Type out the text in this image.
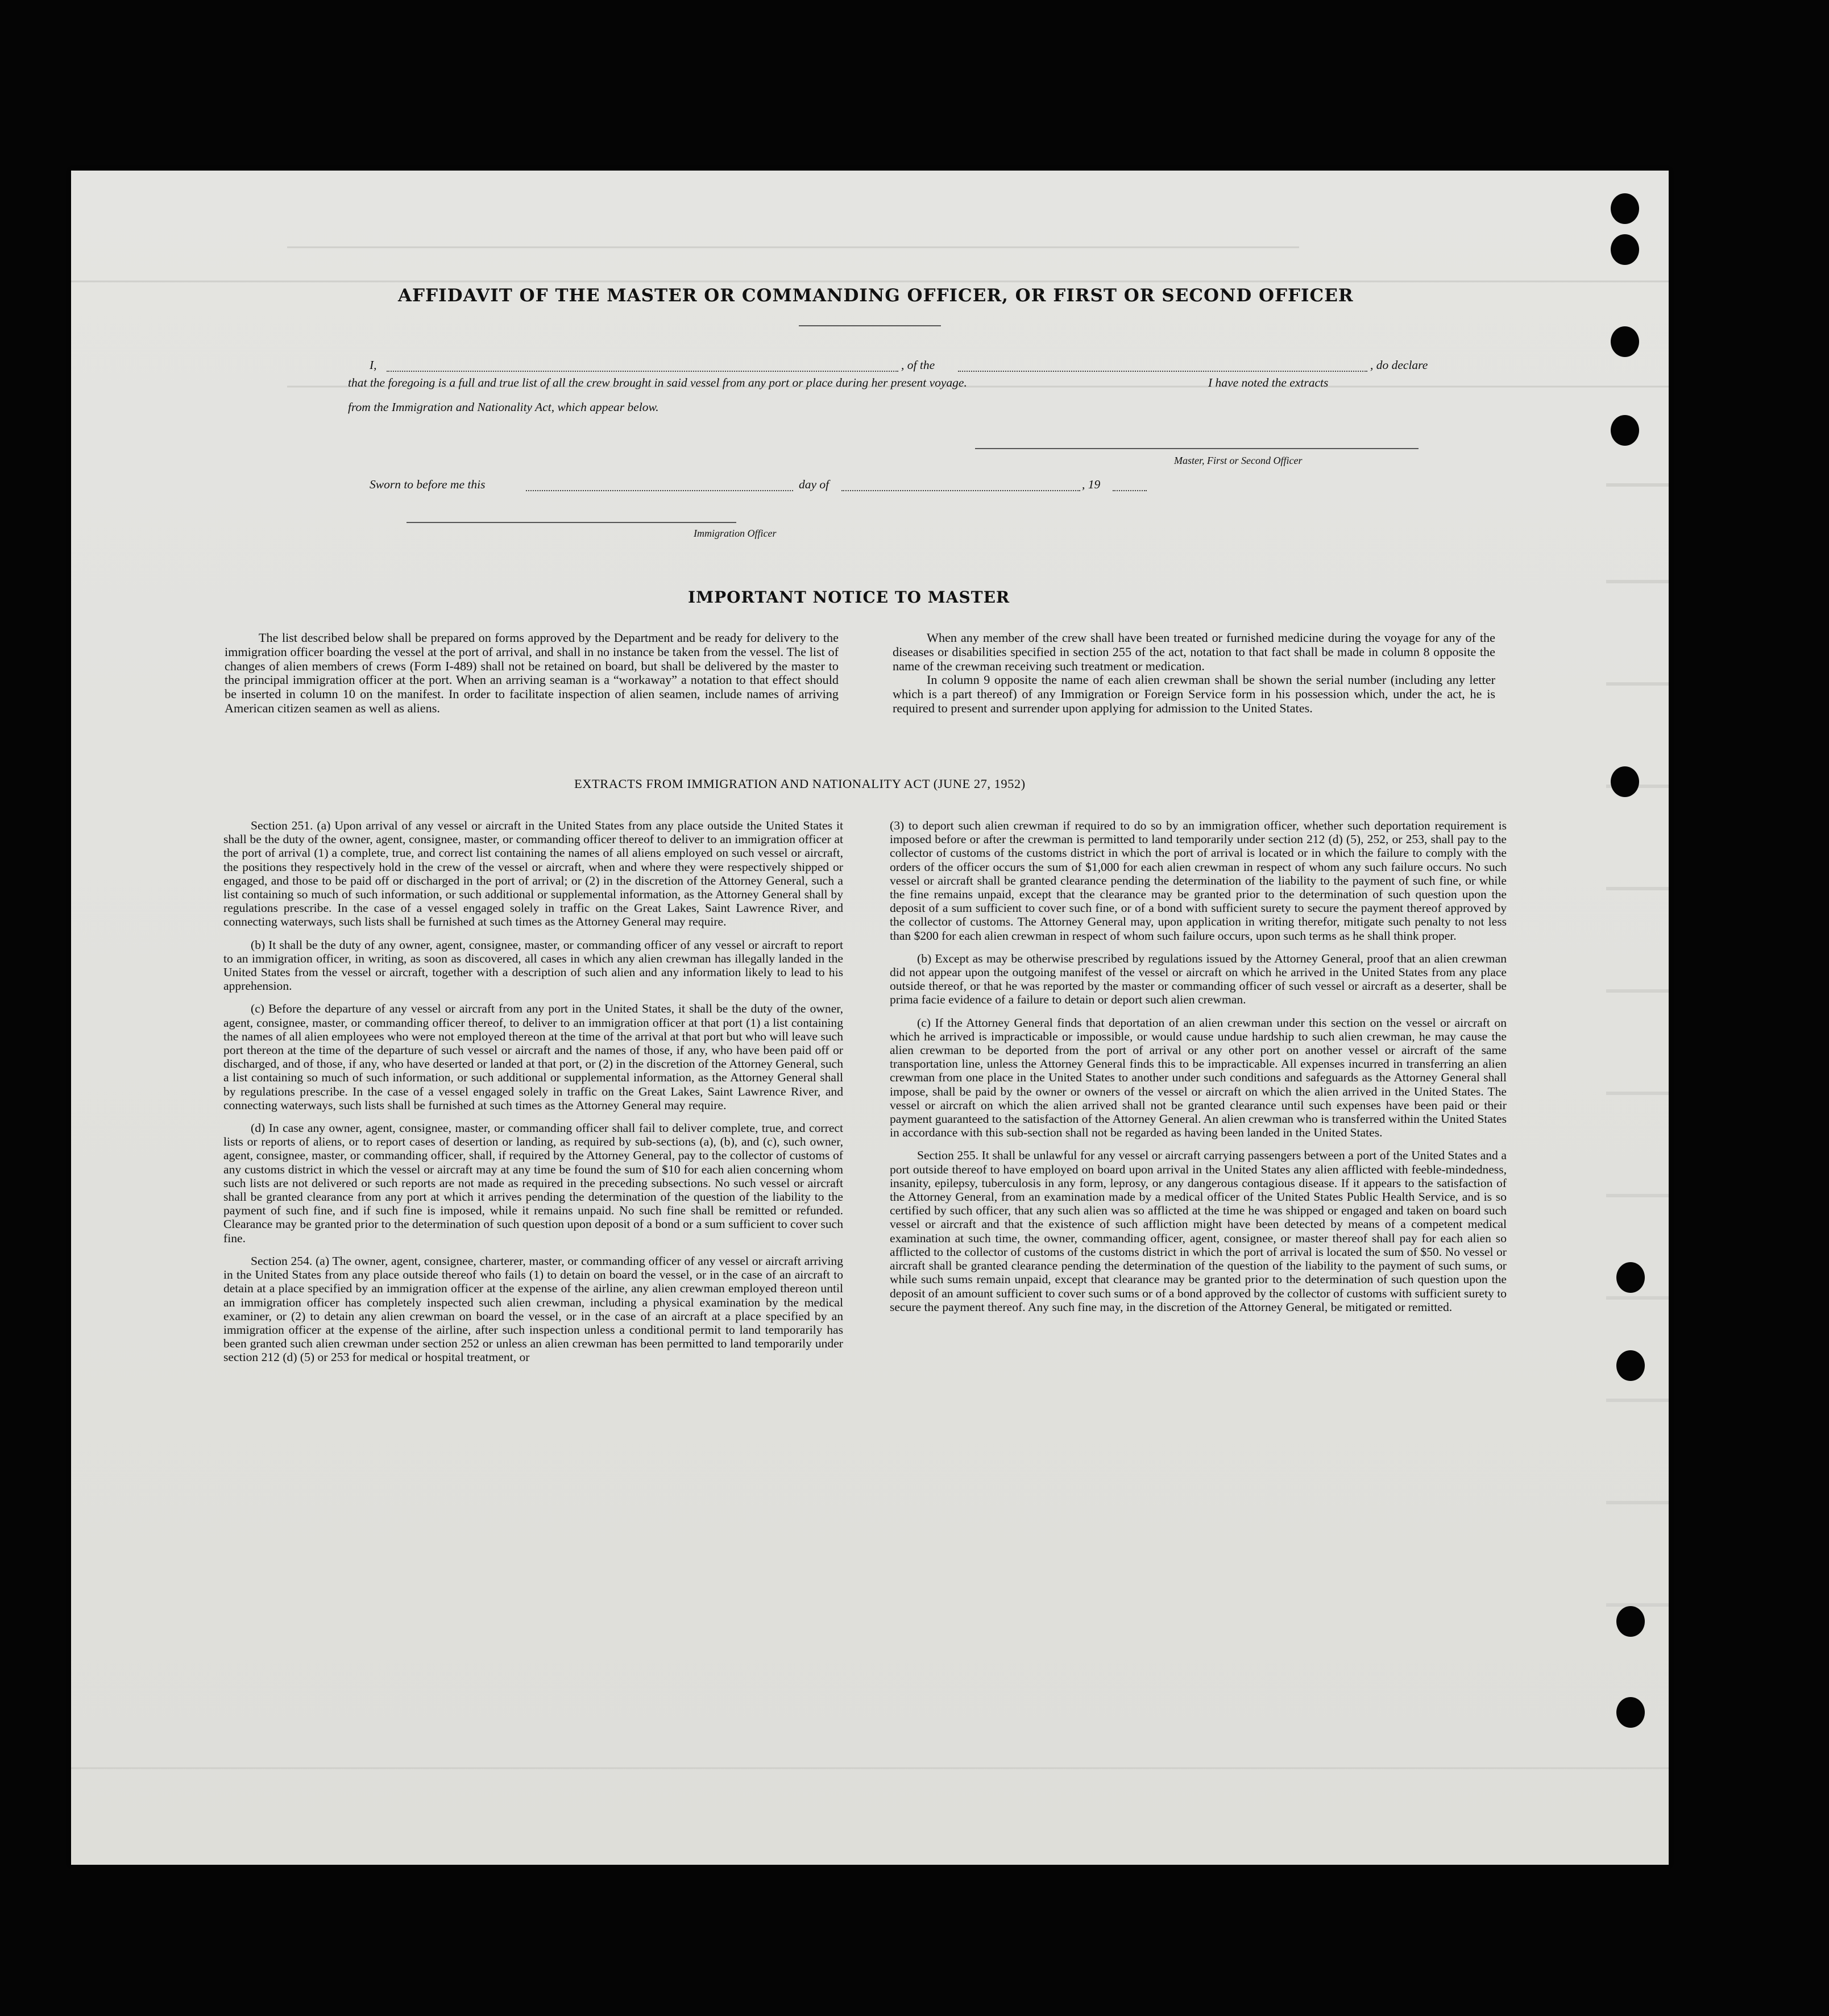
AFFIDAVIT OF THE MASTER OR COMMANDING OFFICER, OR FIRST OR SECOND OFFICER
I,	, of the	, do declare
that the foregoing is a full and true list of all the crew brought in said vessel from any port or place during her present voyage.	I have noted the extracts
from the Immigration and Nationality Act, which appear below.
Master, First or Second Officer
Sworn to before me this	day of	, 19
Immigration Officer
IMPORTANT NOTICE TO MASTER

The list described below shall be prepared on forms approved by the Department and be ready for delivery to the immigration officer boarding the vessel at the port of arrival, and shall in no instance be taken from the vessel. The list of changes of alien members of crews (Form I-489) shall not be retained on board, but shall be delivered by the master to the principal immigration officer at the port. When an arriving seaman is a “workaway” a notation to that effect should be inserted in column 10 on the manifest. In order to facilitate inspection of alien seamen, include names of arriving American citizen seamen as well as aliens.

When any member of the crew shall have been treated or furnished medicine during the voyage for any of the diseases or disabilities specified in section 255 of the act, notation to that fact shall be made in column 8 opposite the name of the crewman receiving such treatment or medication.

In column 9 opposite the name of each alien crewman shall be shown the serial number (including any letter which is a part thereof) of any Immigration or Foreign Service form in his possession which, under the act, he is required to present and surrender upon applying for admission to the United States.

EXTRACTS FROM IMMIGRATION AND NATIONALITY ACT (JUNE 27, 1952)

Section 251. (a) Upon arrival of any vessel or aircraft in the United States from any place outside the United States it shall be the duty of the owner, agent, consignee, master, or commanding officer thereof to deliver to an immigration officer at the port of arrival (1) a complete, true, and correct list containing the names of all aliens employed on such vessel or aircraft, the positions they respectively hold in the crew of the vessel or aircraft, when and where they were respectively shipped or engaged, and those to be paid off or discharged in the port of arrival; or (2) in the discretion of the Attorney General, such a list containing so much of such information, or such additional or supplemental information, as the Attorney General shall by regulations prescribe. In the case of a vessel engaged solely in traffic on the Great Lakes, Saint Lawrence River, and connecting waterways, such lists shall be furnished at such times as the Attorney General may require.

(b) It shall be the duty of any owner, agent, consignee, master, or commanding officer of any vessel or aircraft to report to an immigration officer, in writing, as soon as discovered, all cases in which any alien crewman has illegally landed in the United States from the vessel or aircraft, together with a description of such alien and any information likely to lead to his apprehension.

(c) Before the departure of any vessel or aircraft from any port in the United States, it shall be the duty of the owner, agent, consignee, master, or commanding officer thereof, to deliver to an immigration officer at that port (1) a list containing the names of all alien employees who were not employed thereon at the time of the arrival at that port but who will leave such port thereon at the time of the departure of such vessel or aircraft and the names of those, if any, who have been paid off or discharged, and of those, if any, who have deserted or landed at that port, or (2) in the discretion of the Attorney General, such a list containing so much of such information, or such additional or supplemental information, as the Attorney General shall by regulations prescribe. In the case of a vessel engaged solely in traffic on the Great Lakes, Saint Lawrence River, and connecting waterways, such lists shall be furnished at such times as the Attorney General may require.

(d) In case any owner, agent, consignee, master, or commanding officer shall fail to deliver complete, true, and correct lists or reports of aliens, or to report cases of desertion or landing, as required by sub-sections (a), (b), and (c), such owner, agent, consignee, master, or commanding officer, shall, if required by the Attorney General, pay to the collector of customs of any customs district in which the vessel or aircraft may at any time be found the sum of $10 for each alien concerning whom such lists are not delivered or such reports are not made as required in the preceding subsections. No such vessel or aircraft shall be granted clearance from any port at which it arrives pending the determination of the question of the liability to the payment of such fine, and if such fine is imposed, while it remains unpaid. No such fine shall be remitted or refunded. Clearance may be granted prior to the determination of such question upon deposit of a bond or a sum sufficient to cover such fine.

Section 254. (a) The owner, agent, consignee, charterer, master, or commanding officer of any vessel or aircraft arriving in the United States from any place outside thereof who fails (1) to detain on board the vessel, or in the case of an aircraft to detain at a place specified by an immigration officer at the expense of the airline, any alien crewman employed thereon until an immigration officer has completely inspected such alien crewman, including a physical examination by the medical examiner, or (2) to detain any alien crewman on board the vessel, or in the case of an aircraft at a place specified by an immigration officer at the expense of the airline, after such inspection unless a conditional permit to land temporarily has been granted such alien crewman under section 252 or unless an alien crewman has been permitted to land temporarily under section 212 (d) (5) or 253 for medical or hospital treatment, or

(3) to deport such alien crewman if required to do so by an immigration officer, whether such deportation requirement is imposed before or after the crewman is permitted to land temporarily under section 212 (d) (5), 252, or 253, shall pay to the collector of customs of the customs district in which the port of arrival is located or in which the failure to comply with the orders of the officer occurs the sum of $1,000 for each alien crewman in respect of whom any such failure occurs. No such vessel or aircraft shall be granted clearance pending the determination of the liability to the payment of such fine, or while the fine remains unpaid, except that the clearance may be granted prior to the determination of such question upon the deposit of a sum sufficient to cover such fine, or of a bond with sufficient surety to secure the payment thereof approved by the collector of customs. The Attorney General may, upon application in writing therefor, mitigate such penalty to not less than $200 for each alien crewman in respect of whom such failure occurs, upon such terms as he shall think proper.

(b) Except as may be otherwise prescribed by regulations issued by the Attorney General, proof that an alien crewman did not appear upon the outgoing manifest of the vessel or aircraft on which he arrived in the United States from any place outside thereof, or that he was reported by the master or commanding officer of such vessel or aircraft as a deserter, shall be prima facie evidence of a failure to detain or deport such alien crewman.

(c) If the Attorney General finds that deportation of an alien crewman under this section on the vessel or aircraft on which he arrived is impracticable or impossible, or would cause undue hardship to such alien crewman, he may cause the alien crewman to be deported from the port of arrival or any other port on another vessel or aircraft of the same transportation line, unless the Attorney General finds this to be impracticable. All expenses incurred in transferring an alien crewman from one place in the United States to another under such conditions and safeguards as the Attorney General shall impose, shall be paid by the owner or owners of the vessel or aircraft on which the alien arrived in the United States. The vessel or aircraft on which the alien arrived shall not be granted clearance until such expenses have been paid or their payment guaranteed to the satisfaction of the Attorney General. An alien crewman who is transferred within the United States in accordance with this sub-section shall not be regarded as having been landed in the United States.

Section 255. It shall be unlawful for any vessel or aircraft carrying passengers between a port of the United States and a port outside thereof to have employed on board upon arrival in the United States any alien afflicted with feeble-mindedness, insanity, epilepsy, tuberculosis in any form, leprosy, or any dangerous contagious disease. If it appears to the satisfaction of the Attorney General, from an examination made by a medical officer of the United States Public Health Service, and is so certified by such officer, that any such alien was so afflicted at the time he was shipped or engaged and taken on board such vessel or aircraft and that the existence of such affliction might have been detected by means of a competent medical examination at such time, the owner, commanding officer, agent, consignee, or master thereof shall pay for each alien so afflicted to the collector of customs of the customs district in which the port of arrival is located the sum of $50. No vessel or aircraft shall be granted clearance pending the determination of the question of the liability to the payment of such sums, or while such sums remain unpaid, except that clearance may be granted prior to the determination of such question upon the deposit of an amount sufficient to cover such sums or of a bond approved by the collector of customs with sufficient surety to secure the payment thereof. Any such fine may, in the discretion of the Attorney General, be mitigated or remitted.
